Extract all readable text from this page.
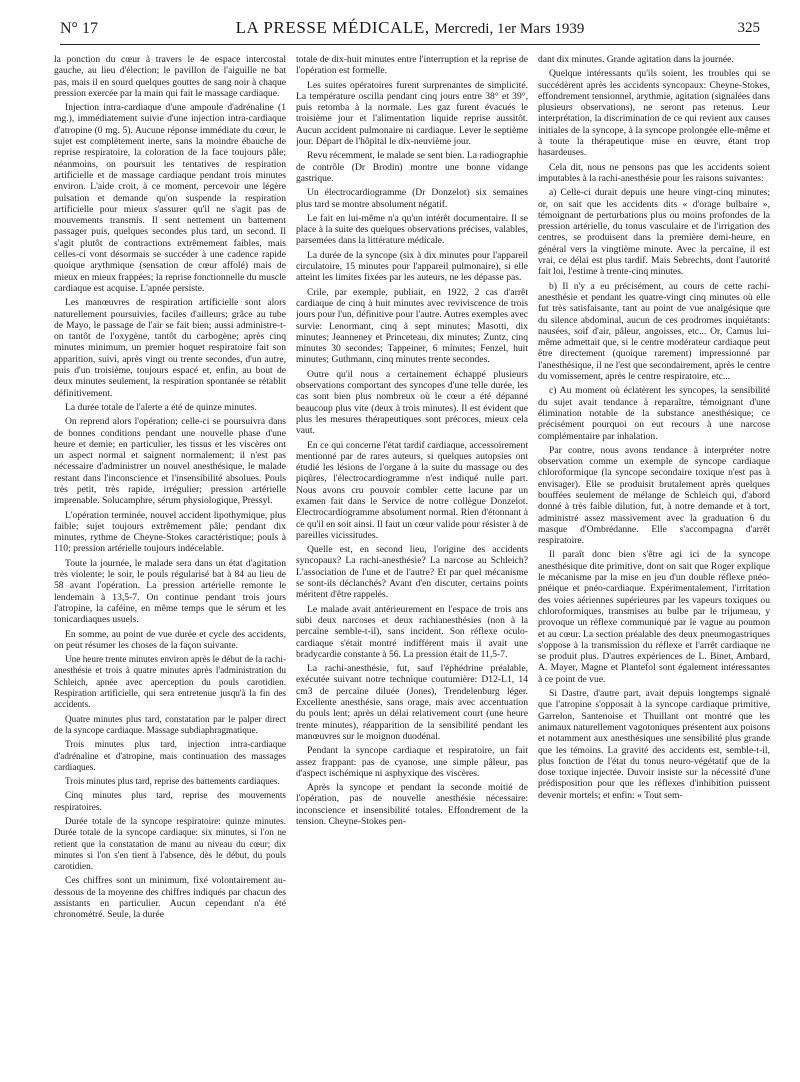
N° 17	LA PRESSE MÉDICALE, Mercredi, 1er Mars 1939	325

la ponction du cœur à travers le 4e espace intercostal gauche, au lieu d'élection; le pavillon de l'aiguille ne bat pas, mais il en sourd quelques gouttes de sang noir à chaque pression exercée par la main qui fait le massage cardiaque.

Injection intra-cardiaque d'une ampoule d'adrénaline (1 mg.), immédiatement suivie d'une injection intra-cardiaque d'atropine (0 mg. 5). Aucune réponse immédiate du cœur, le sujet est complètement inerte, sans la moindre ébauche de reprise respiratoire, la coloration de la face toujours pâle; néanmoins, on poursuit les tentatives de respiration artificielle et de massage cardiaque pendant trois minutes environ. L'aide croit, à ce moment, percevoir une légère pulsation et demande qu'on suspende la respiration artificielle pour mieux s'assurer qu'il ne s'agit pas de mouvements transmis. Il sent nettement un battement passager puis, quelques secondes plus tard, un second. Il s'agit plutôt de contractions extrêmement faibles, mais celles-ci vont désormais se succéder à une cadence rapide quoique arythmique (sensation de cœur affolé) mais de mieux en mieux frappées; la reprise fonctionnelle du muscle cardiaque est acquise. L'apnée persiste.

Les manœuvres de respiration artificielle sont alors naturellement poursuivies, faciles d'ailleurs; grâce au tube de Mayo, le passage de l'air se fait bien; aussi administre-t-on tantôt de l'oxygène, tantôt du carbogène; après cinq minutes minimum, un premier hoquet respiratoire fait son apparition, suivi, après vingt ou trente secondes, d'un autre, puis d'un troisième, toujours espacé et, enfin, au bout de deux minutes seulement, la respiration spontanée se rétablit définitivement.

La durée totale de l'alerte a été de quinze minutes.

On reprend alors l'opération; celle-ci se poursuivra dans de bonnes conditions pendant une nouvelle phase d'une heure et demie; en particulier, les tissus et les viscères ont un aspect normal et saignent normalement; il n'est pas nécessaire d'administrer un nouvel anesthésique, le malade restant dans l'inconscience et l'insensibilité absolues. Pouls très petit, très rapide, irrégulier; pression artérielle imprenable. Solucamphre, sérum physiologique, Pressyl.

L'opération terminée, nouvel accident lipothymique, plus faible; sujet toujours extrêmement pâle; pendant dix minutes, rythme de Cheyne-Stokes caractéristique; pouls à 110; pression artérielle toujours indécelable.

Toute la journée, le malade sera dans un état d'agitation très violente; le soir, le pouls régularisé bat à 84 au lieu de 58 avant l'opération. La pression artérielle remonte le lendemain à 13,5-7. On continue pendant trois jours l'atropine, la caféine, en même temps que le sérum et les tonicardiaques usuels.

En somme, au point de vue durée et cycle des accidents, on peut résumer les choses de la façon suivante.

Une heure trente minutes environ après le début de la rachi-anesthésie et trois à quatre minutes après l'administration du Schleich, apnée avec aperception du pouls carotidien. Respiration artificielle, qui sera entretenue jusqu'à la fin des accidents.

Quatre minutes plus tard, constatation par le palper direct de la syncope cardiaque. Massage subdiaphragmatique.

Trois minutes plus tard, injection intra-cardiaque d'adrénaline et d'atropine, mais continuation des massages cardiaques.

Trois minutes plus tard, reprise des battements cardiaques.

Cinq minutes plus tard, reprise des mouvements respiratoires.

Durée totale de la syncope respiratoire: quinze minutes. Durée totale de la syncope cardiaque: six minutes, si l'on ne retient que la constatation de manu au niveau du cœur; dix minutes si l'on s'en tient à l'absence, dès le début, du pouls carotidien.

Ces chiffres sont un minimum, fixé volontairement au-dessous de la moyenne des chiffres indiqués par chacun des assistants en particulier. Aucun cependant n'a été chronométré. Seule, la durée

totale de dix-huit minutes entre l'interruption et la reprise de l'opération est formelle.

Les suites opératoires furent surprenantes de simplicité. La température oscilla pendant cinq jours entre 38° et 39°, puis retomba à la normale. Les gaz furent évacués le troisième jour et l'alimentation liquide reprise aussitôt. Aucun accident pulmonaire ni cardiaque. Lever le septième jour. Départ de l'hôpital le dix-neuvième jour.

Revu récemment, le malade se sent bien. La radiographie de contrôle (Dr Brodin) montre une bonne vidange gastrique.

Un électrocardiogramme (Dr Donzelot) six semaines plus tard se montre absolument négatif.

Le fait en lui-même n'a qu'un intérêt documentaire. Il se place à la suite des quelques observations précises, valables, parsemées dans la littérature médicale.

La durée de la syncope (six à dix minutes pour l'appareil circulatoire, 15 minutes pour l'appareil pulmonaire), si elle atteint les limites fixées par les auteurs, ne les dépasse pas.

Crile, par exemple, publiait, en 1922, 2 cas d'arrêt cardiaque de cinq à huit minutes avec reviviscence de trois jours pour l'un, définitive pour l'autre. Autres exemples avec survie: Lenormant, cinq à sept minutes; Masotti, dix minutes; Jeanneney et Princeteau, dix minutes; Zuntz, cinq minutes 30 secondes; Tappeiner, 6 minutes; Fenzel, huit minutes; Guthmann, cinq minutes trente secondes.

Outre qu'il nous a certainement échappé plusieurs observations comportant des syncopes d'une telle durée, les cas sont bien plus nombreux où le cœur a été dépanné beaucoup plus vite (deux à trois minutes). Il est évident que plus les mesures thérapeutiques sont précoces, mieux cela vaut.

En ce qui concerne l'état tardif cardiaque, accessoirement mentionné par de rares auteurs, si quelques autopsies ont étudié les lésions de l'organe à la suite du massage ou des piqûres, l'électrocardiogramme n'est indiqué nulle part. Nous avons cru pouvoir combler cette lacune par un examen fait dans le Service de notre collègue Donzelot. Electrocardiogramme absolument normal. Rien d'étonnant à ce qu'il en soit ainsi. Il faut un cœur valide pour résister à de pareilles vicissitudes.

Quelle est, en second lieu, l'origine des accidents syncopaux? La rachi-anesthésie? La narcose au Schleich? L'association de l'une et de l'autre? Et par quel mécanisme se sont-ils déclanchés? Avant d'en discuter, certains points méritent d'être rappelés.

Le malade avait antérieurement en l'espace de trois ans subi deux narcoses et deux rachianesthésies (non à la percaïne semble-t-il), sans incident. Son réflexe oculo-cardiaque s'était montré indifférent mais il avait une bradycardie constante à 56. La pression était de 11,5-7.

La rachi-anesthésie, fut, sauf l'éphédrine préalable, exécutée suivant notre technique coutumière: D12-L1, 14 cm3 de percaïne diluée (Jones), Trendelenburg léger. Excellente anesthésie, sans orage, mais avec accentuation du pouls lent; après un délai relativement court (une heure trente minutes), réapparition de la sensibilité pendant les manœuvres sur le moignon duodénal.

Pendant la syncope cardiaque et respiratoire, un fait assez frappant: pas de cyanose, une simple pâleur, pas d'aspect ischémique ni asphyxique des viscères.

Après la syncope et pendant la seconde moitié de l'opération, pas de nouvelle anesthésie nécessaire: inconscience et insensibilité totales. Effondrement de la tension. Cheyne-Stokes pen-

dant dix minutes. Grande agitation dans la journée.

Quelque intéressants qu'ils soient, les troubles qui se succédèrent après les accidents syncopaux: Cheyne-Stokes, effondrement tensionnel, arythmie, agitation (signalées dans plusieurs observations), ne seront pas retenus. Leur interprétation, la discrimination de ce qui revient aux causes initiales de la syncope, à la syncope prolongée elle-même et à toute la thérapeutique mise en œuvre, étant trop hasardeuses.

Cela dit, nous ne pensons pas que les accidents soient imputables à la rachi-anesthésie pour les raisons suivantes:

a) Celle-ci durait depuis une heure vingt-cinq minutes; or, on sait que les accidents dits « d'orage bulbaire », témoignant de perturbations plus ou moins profondes de la pression artérielle, du tonus vasculaire et de l'irrigation des centres, se produisent dans la première demi-heure, en général vers la vingtième minute. Avec la percaïne, il est vrai, ce délai est plus tardif. Mais Sebrechts, dont l'autorité fait loi, l'estime à trente-cinq minutes.

b) Il n'y a eu précisément, au cours de cette rachi-anesthésie et pendant les quatre-vingt cinq minutes où elle fut très satisfaisante, tant au point de vue analgésique que du silence abdominal, aucun de ces prodromes inquiétants: nausées, soif d'air, pâleur, angoisses, etc... Or, Camus lui-même admettait que, si le centre modérateur cardiaque peut être directement (quoique rarement) impressionné par l'anesthésique, il ne l'est que secondairement, après le centre du vomissement, après le centre respiratoire, etc...

c) Au moment où éclatèrent les syncopes, la sensibilité du sujet avait tendance à reparaître, témoignant d'une élimination notable de la substance anesthésique; ce précisément pourquoi on eut recours à une narcose complémentaire par inhalation.

Par contre, nous avons tendance à interpréter notre observation comme un exemple de syncope cardiaque chloroformique (la syncope secondaire toxique n'est pas à envisager). Elle se produisit brutalement après quelques bouffées seulement de mélange de Schleich qui, d'abord donné à très faible dilution, fut, à notre demande et à tort, administré assez massivement avec la graduation 6 du masque d'Ombrédanne. Elle s'accompagna d'arrêt respiratoire.

Il paraît donc bien s'être agi ici de la syncope anesthésique dite primitive, dont on sait que Roger explique le mécanisme par la mise en jeu d'un double réflexe pnéo-pnéique et pnéo-cardiaque. Expérimentalement, l'irritation des voies aériennes supérieures par les vapeurs toxiques ou chloroformiques, transmises au bulbe par le trijumeau, y provoque un réflexe communiqué par le vague au poumon et au cœur. La section préalable des deux pneumogastriques s'oppose à la transmission du réflexe et l'arrêt cardiaque ne se produit plus. D'autres expériences de L. Binet, Ambard, A. Mayer, Magne et Plantefol sont également intéressantes à ce point de vue.

Si Dastre, d'autre part, avait depuis longtemps signalé que l'atropine s'opposait à la syncope cardiaque primitive, Garrelon, Santenoise et Thuillant ont montré que les animaux naturellement vagotoniques présentent aux poisons et notamment aux anesthésiques une sensibilité plus grande que les témoins. La gravité des accidents est, semble-t-il, plus fonction de l'état du tonus neuro-végétatif que de la dose toxique injectée. Duvoir insiste sur la nécessité d'une prédisposition pour que les réflexes d'inhibition puissent devenir mortels; et enfin: « Tout sem-
